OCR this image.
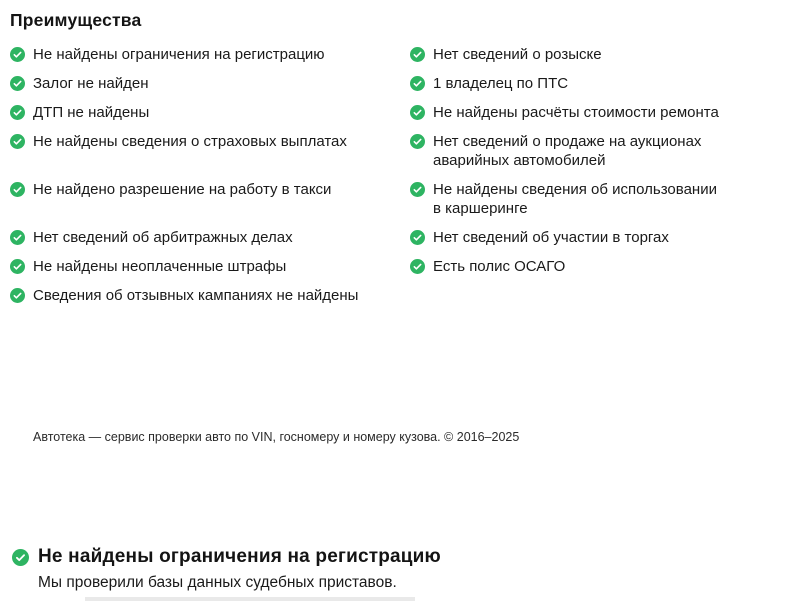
Преимущества
Не найдены ограничения на регистрацию	Нет сведений о розыске
Залог не найден	1 владелец по ПТС
ДТП не найдены	Не найдены расчёты стоимости ремонта
Не найдены сведения о страховых выплатах	Нет сведений о продаже на аукционах аварийных автомобилей
Не найдено разрешение на работу в такси	Не найдены сведения об использовании в каршеринге
Нет сведений об арбитражных делах	Нет сведений об участии в торгах
Не найдены неоплаченные штрафы	Есть полис ОСАГО
Сведения об отзывных кампаниях не найдены
Автотека — сервис проверки авто по VIN, госномеру и номеру кузова. © 2016–2025
Не найдены ограничения на регистрацию
Мы проверили базы данных судебных приставов.
